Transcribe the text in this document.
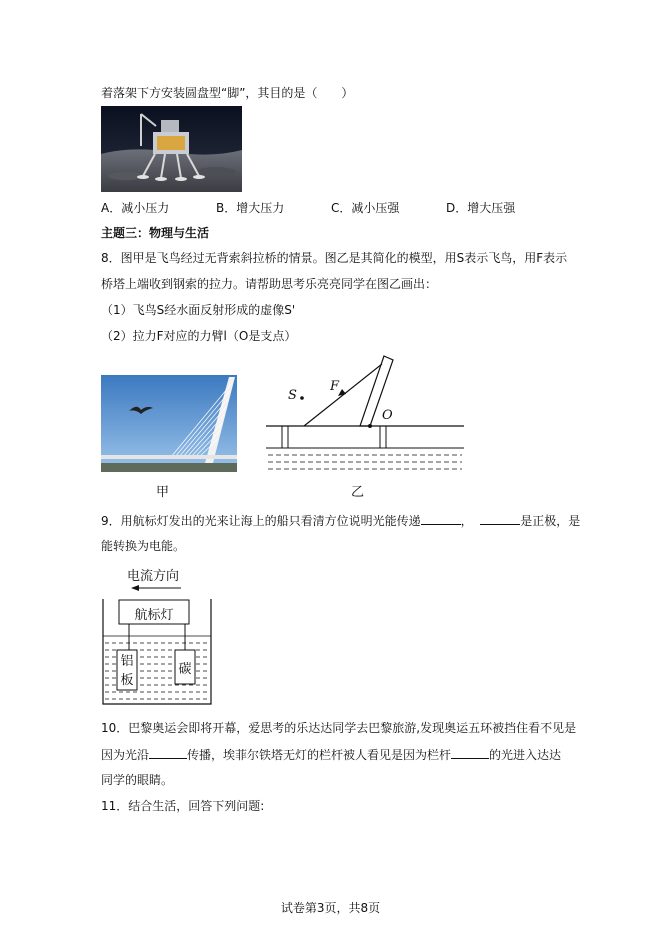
着落架下方安装圆盘型“脚”，其目的是（　　）
A．减小压力	B．增大压力	C．减小压强	D．增大压强
主题三：物理与生活
8．图甲是飞鸟经过无背索斜拉桥的情景。图乙是其简化的模型，用S表示飞鸟，用F表示
桥塔上端收到钢索的拉力。请帮助思考乐亮亮同学在图乙画出：
（1）飞鸟S经水面反射形成的虚像S'
（2）拉力F对应的力臂l（O是支点）
甲
S
F
O
乙
9．用航标灯发出的光来让海上的船只看清方位说明光能传递	，	是正极，是
能转换为电能。
电流方向
航标灯
铝板
碳
10．巴黎奥运会即将开幕，爱思考的乐达达同学去巴黎旅游,发现奥运五环被挡住看不见是
因为光沿	传播，埃菲尔铁塔无灯的栏杆被人看见是因为栏杆	的光进入达达
同学的眼睛。
11．结合生活，回答下列问题:
试卷第3页，共8页
